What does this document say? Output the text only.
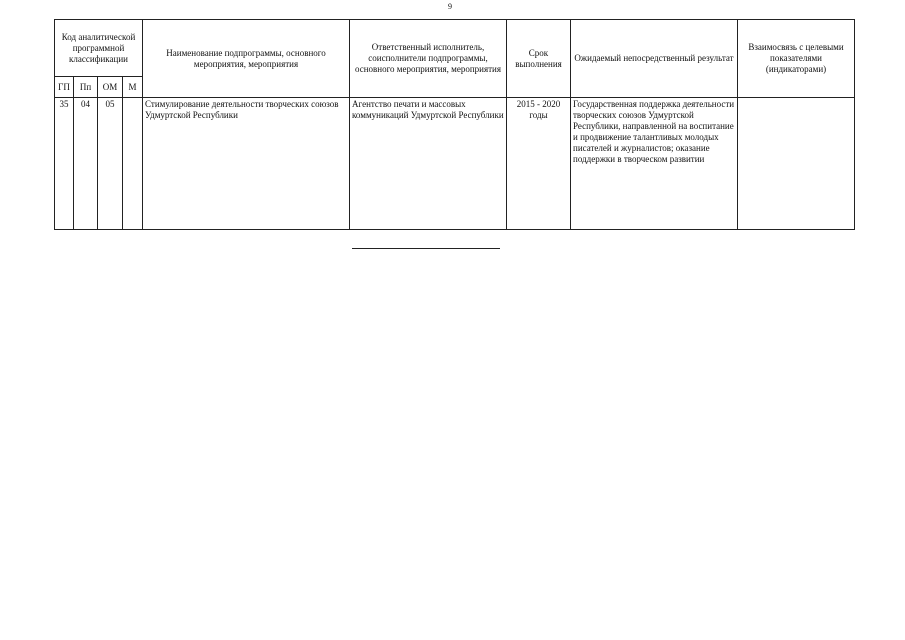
9
Код аналитической программной классификации				Наименование подпрограммы, основного мероприятия, мероприятия	Ответственный исполнитель, соисполнители подпрограммы, основного мероприятия, мероприятия	Срок выполнения	Ожидаемый непосредственный результат	Взаимосвязь с целевыми показателями (индикаторами)
ГП	Пп	ОМ	М					
35	04	05		Стимулирование деятельности творческих союзов Удмуртской Республики	Агентство печати и массовых коммуникаций Удмуртской Республики	2015 - 2020 годы	Государственная поддержка деятельности творческих союзов Удмуртской Республики, направленной на воспитание и продвижение талантливых молодых писателей и журналистов; оказание поддержки в творческом развитии	
